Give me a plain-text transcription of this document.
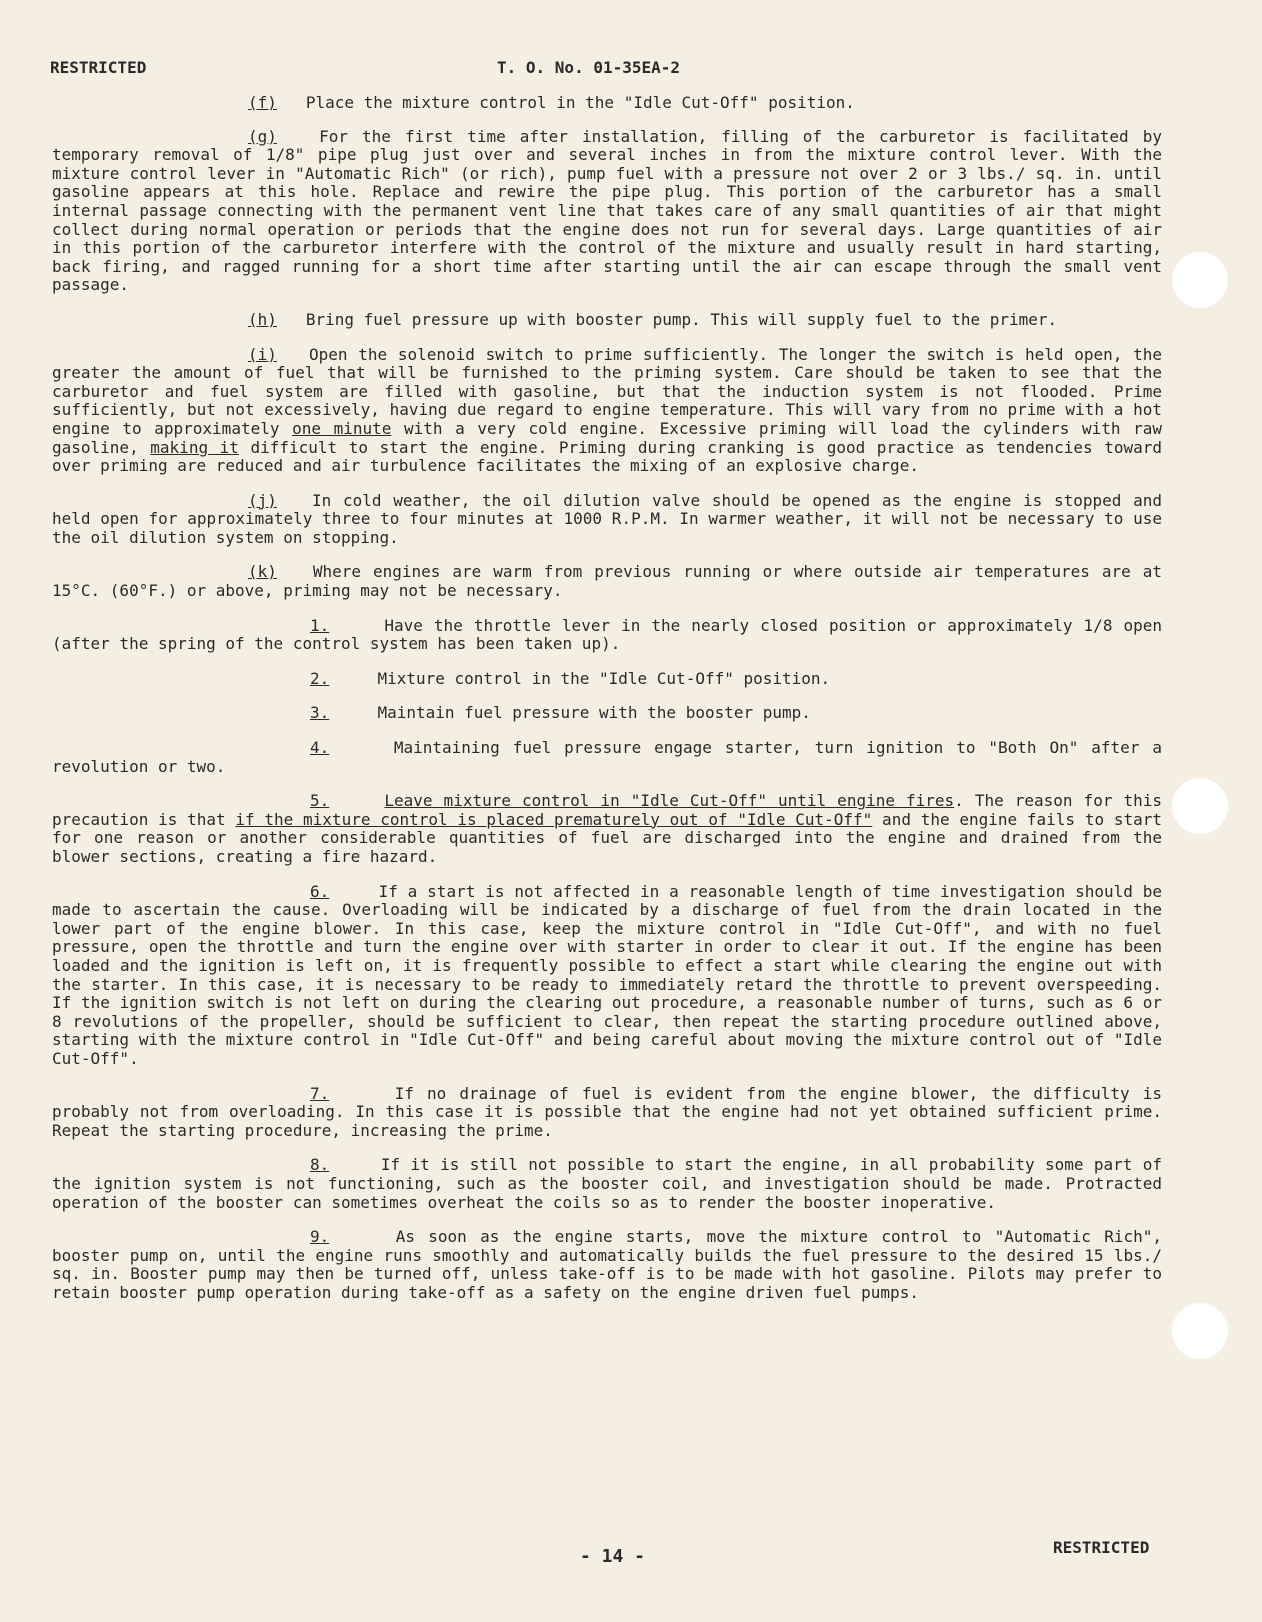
RESTRICTED	T. O. No. 01-35EA-2

(f) Place the mixture control in the "Idle Cut-Off" position.

(g)	For the first time after installation, filling of the carburetor is facilitated by temporary removal of 1/8" pipe plug just over and several inches in from the mixture control lever. With the mixture control lever in "Automatic Rich" (or rich), pump fuel with a pressure not over 2 or 3 lbs./ sq. in. until gasoline appears at this hole. Replace and rewire the pipe plug. This portion of the carburetor has a small internal passage connecting with the permanent vent line that takes care of any small quantities of air that might collect during normal operation or periods that the engine does not run for several days. Large quantities of air in this portion of the carburetor interfere with the control of the mixture and usually result in hard starting, back firing, and ragged running for a short time after starting until the air can escape through the small vent passage.

(h) Bring fuel pressure up with booster pump. This will supply fuel to the primer.

(i) Open the solenoid switch to prime sufficiently. The longer the switch is held open, the greater the amount of fuel that will be furnished to the priming system. Care should be taken to see that the carburetor and fuel system are filled with gasoline, but that the induction system is not flooded. Prime sufficiently, but not excessively, having due regard to engine temperature. This will vary from no prime with a hot engine to approximately one minute with a very cold engine. Excessive priming will load the cylinders with raw gasoline, making it difficult to start the engine. Priming during cranking is good practice as tendencies toward over priming are reduced and air turbulence facilitates the mixing of an explosive charge.

(j) In cold weather, the oil dilution valve should be opened as the engine is stopped and held open for approximately three to four minutes at 1000 R.P.M. In warmer weather, it will not be necessary to use the oil dilution system on stopping.

(k) Where engines are warm from previous running or where outside air temperatures are at 15°C. (60°F.) or above, priming may not be necessary.

1.	Have the throttle lever in the nearly closed position or approximately 1/8 open (after the spring of the control system has been taken up).

2.	Mixture control in the "Idle Cut-Off" position.

3.	Maintain fuel pressure with the booster pump.

4.	Maintaining fuel pressure engage starter, turn ignition to "Both On" after a revolution or two.

5.	Leave mixture control in "Idle Cut-Off" until engine fires. The reason for this precaution is that if the mixture control is placed prematurely out of "Idle Cut-Off" and the engine fails to start for one reason or another considerable quantities of fuel are discharged into the engine and drained from the blower sections, creating a fire hazard.

6.	If a start is not affected in a reasonable length of time investigation should be made to ascertain the cause. Overloading will be indicated by a discharge of fuel from the drain located in the lower part of the engine blower. In this case, keep the mixture control in "Idle Cut-Off", and with no fuel pressure, open the throttle and turn the engine over with starter in order to clear it out. If the engine has been loaded and the ignition is left on, it is frequently possible to effect a start while clearing the engine out with the starter. In this case, it is necessary to be ready to immediately retard the throttle to prevent overspeeding. If the ignition switch is not left on during the clearing out procedure, a reasonable number of turns, such as 6 or 8 revolutions of the propeller, should be sufficient to clear, then repeat the starting procedure outlined above, starting with the mixture control in "Idle Cut-Off" and being careful about moving the mixture control out of "Idle Cut-Off".

7.	If no drainage of fuel is evident from the engine blower, the difficulty is probably not from overloading. In this case it is possible that the engine had not yet obtained sufficient prime. Repeat the starting procedure, increasing the prime.

8.	If it is still not possible to start the engine, in all probability some part of the ignition system is not functioning, such as the booster coil, and investigation should be made. Protracted operation of the booster can sometimes overheat the coils so as to render the booster inoperative.

9.	As soon as the engine starts, move the mixture control to "Automatic Rich", booster pump on, until the engine runs smoothly and automatically builds the fuel pressure to the desired 15 lbs./ sq. in. Booster pump may then be turned off, unless take-off is to be made with hot gasoline. Pilots may prefer to retain booster pump operation during take-off as a safety on the engine driven fuel pumps.

- 14 -	RESTRICTED
